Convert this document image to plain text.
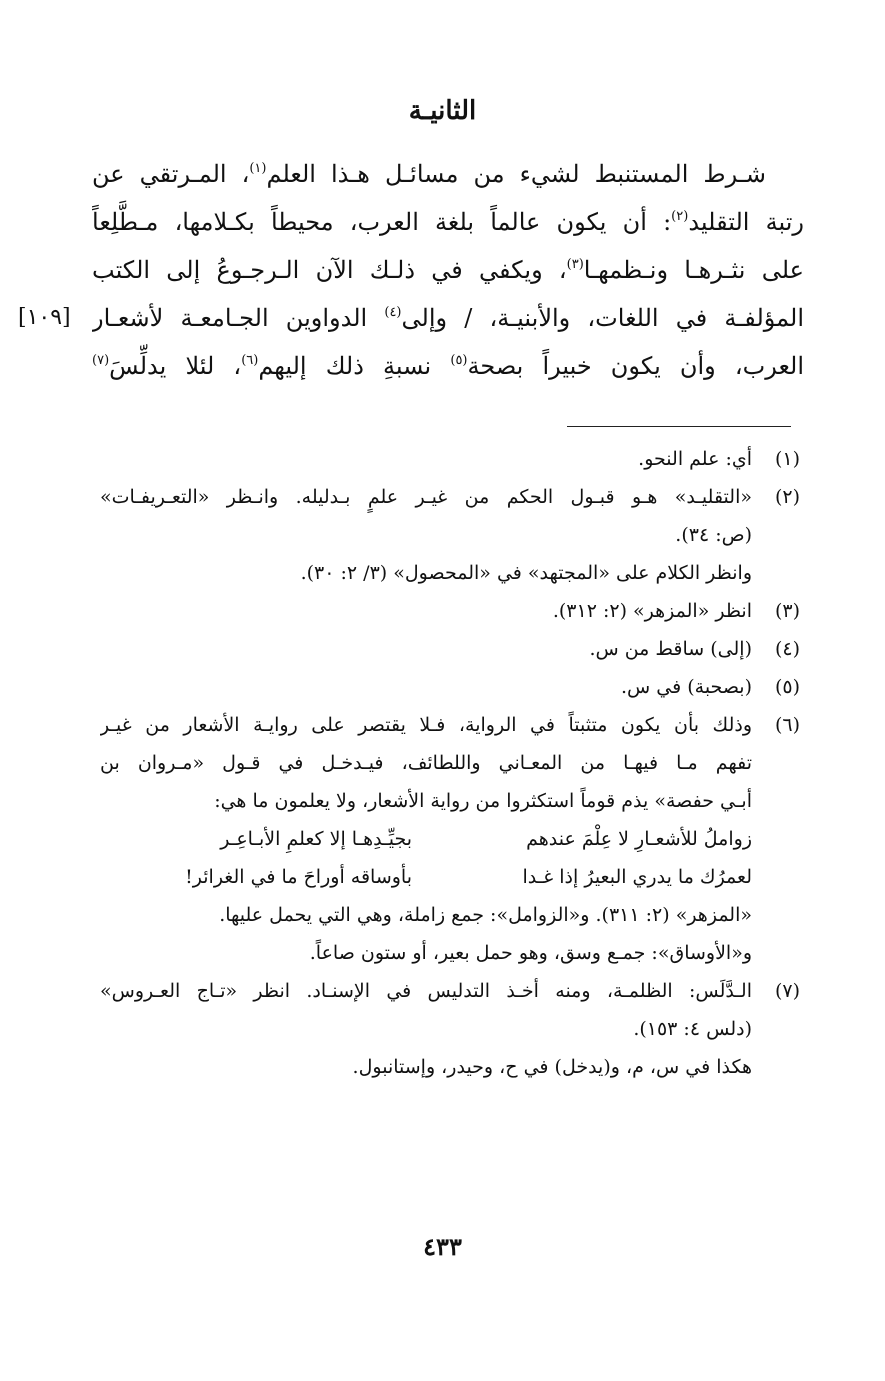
الثانيـة
[١٠٩]
شـرط المستنبط لشيء من مسائـل هـذا العلم$^{(١)}$، المـرتقي عن
رتبة التقليد$^{(٢)}$: أن يكون عالماً بلغة العرب، محيطاً بكـلامها، مـطَّلِعاً
على نثـرهـا ونـظمهـا$^{(٣)}$، ويكفي في ذلـك الآن الـرجـوعُ إلى الكتب
المؤلفـة في اللغات، والأبنيـة، / وإلى$^{(٤)}$ الدواوين الجـامعـة لأشعـار
العرب، وأن يكون خبيراً بصحة$^{(٥)}$ نسبةِ ذلك إليهم$^{(٦)}$، لئلا يدلِّسَ$^{(٧)}$
(١)
أي: علم النحو.
(٢)
«التقليـد» هـو قبـول الحكم من غيـر علمٍ بـدليله. وانـظر «التعـريفـات»
(ص: ٣٤).
وانظر الكلام على «المجتهد» في «المحصول» (٣/ ٢: ٣٠).
(٣)
انظر «المزهر» (٢: ٣١٢).
(٤)
(إلى) ساقط من س.
(٥)
(بصحبة) في س.
(٦)
وذلك بأن يكون متثبتاً في الرواية، فـلا يقتصر على روايـة الأشعار من غيـر
تفهم مـا فيهـا من المعـاني واللطائف، فيـدخـل في قـول «مـروان بن
أبـي حفصة» يذم قوماً استكثروا من رواية الأشعار، ولا يعلمون ما هي:
زواملُ للأشعـارِ لا عِلْمَ عندهم
بجيِّـدِهـا إلا كعلمِ الأبـاعِـر
لعمرُك ما يدري البعيرُ إذا غـدا
بأوساقه أوراحَ ما في الغرائر!
«المزهر» (٢: ٣١١). و«الزوامل»: جمع زاملة، وهي التي يحمل عليها.
و«الأوساق»: جمـع وسق، وهو حمل بعير، أو ستون صاعاً.
(٧)
الـدَّلَس: الظلمـة، ومنه أخـذ التدليس في الإسنـاد. انظر «تـاج العـروس»
(دلس ٤: ١٥٣).
هكذا في س، م، و(يدخل) في ح، وحيدر، وإستانبول.
٤٣٣
